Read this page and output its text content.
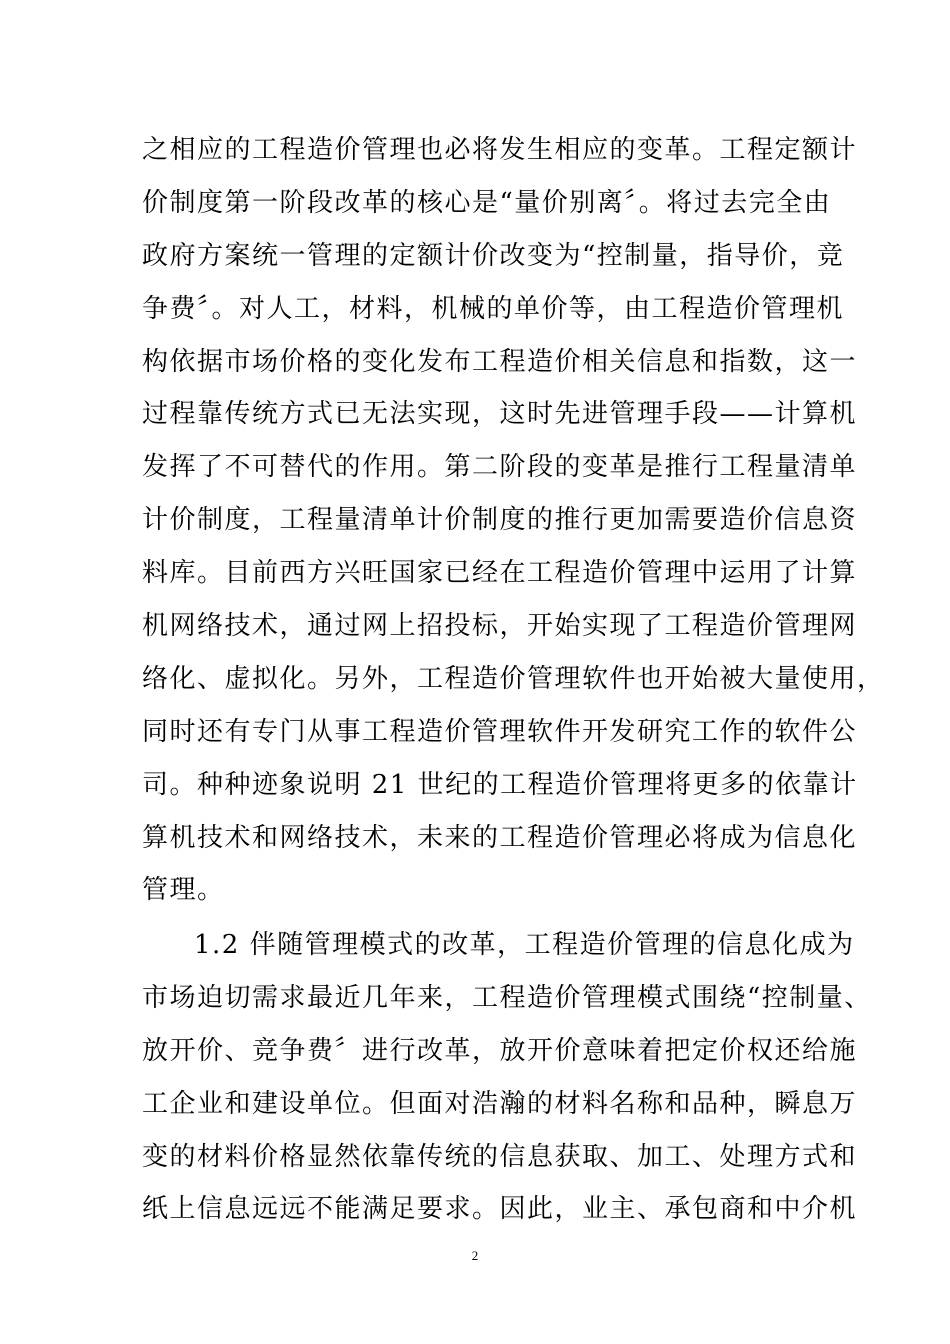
之相应的工程造价管理也必将发生相应的变革。工程定额计
价制度第一阶段改革的核心是“量价别离〞。将过去完全由
政府方案统一管理的定额计价改变为“控制量，指导价，竞
争费〞。对人工，材料，机械的单价等，由工程造价管理机
构依据市场价格的变化发布工程造价相关信息和指数，这一
过程靠传统方式已无法实现，这时先进管理手段——计算机
发挥了不可替代的作用。第二阶段的变革是推行工程量清单
计价制度，工程量清单计价制度的推行更加需要造价信息资
料库。目前西方兴旺国家已经在工程造价管理中运用了计算
机网络技术，通过网上招投标，开始实现了工程造价管理网
络化、虚拟化。另外，工程造价管理软件也开始被大量使用，
同时还有专门从事工程造价管理软件开发研究工作的软件公
司。种种迹象说明 21 世纪的工程造价管理将更多的依靠计
算机技术和网络技术，未来的工程造价管理必将成为信息化
管理。
1.2 伴随管理模式的改革，工程造价管理的信息化成为
市场迫切需求最近几年来，工程造价管理模式围绕“控制量、
放开价、竞争费〞进行改革，放开价意味着把定价权还给施
工企业和建设单位。但面对浩瀚的材料名称和品种，瞬息万
变的材料价格显然依靠传统的信息获取、加工、处理方式和
纸上信息远远不能满足要求。因此，业主、承包商和中介机
2
